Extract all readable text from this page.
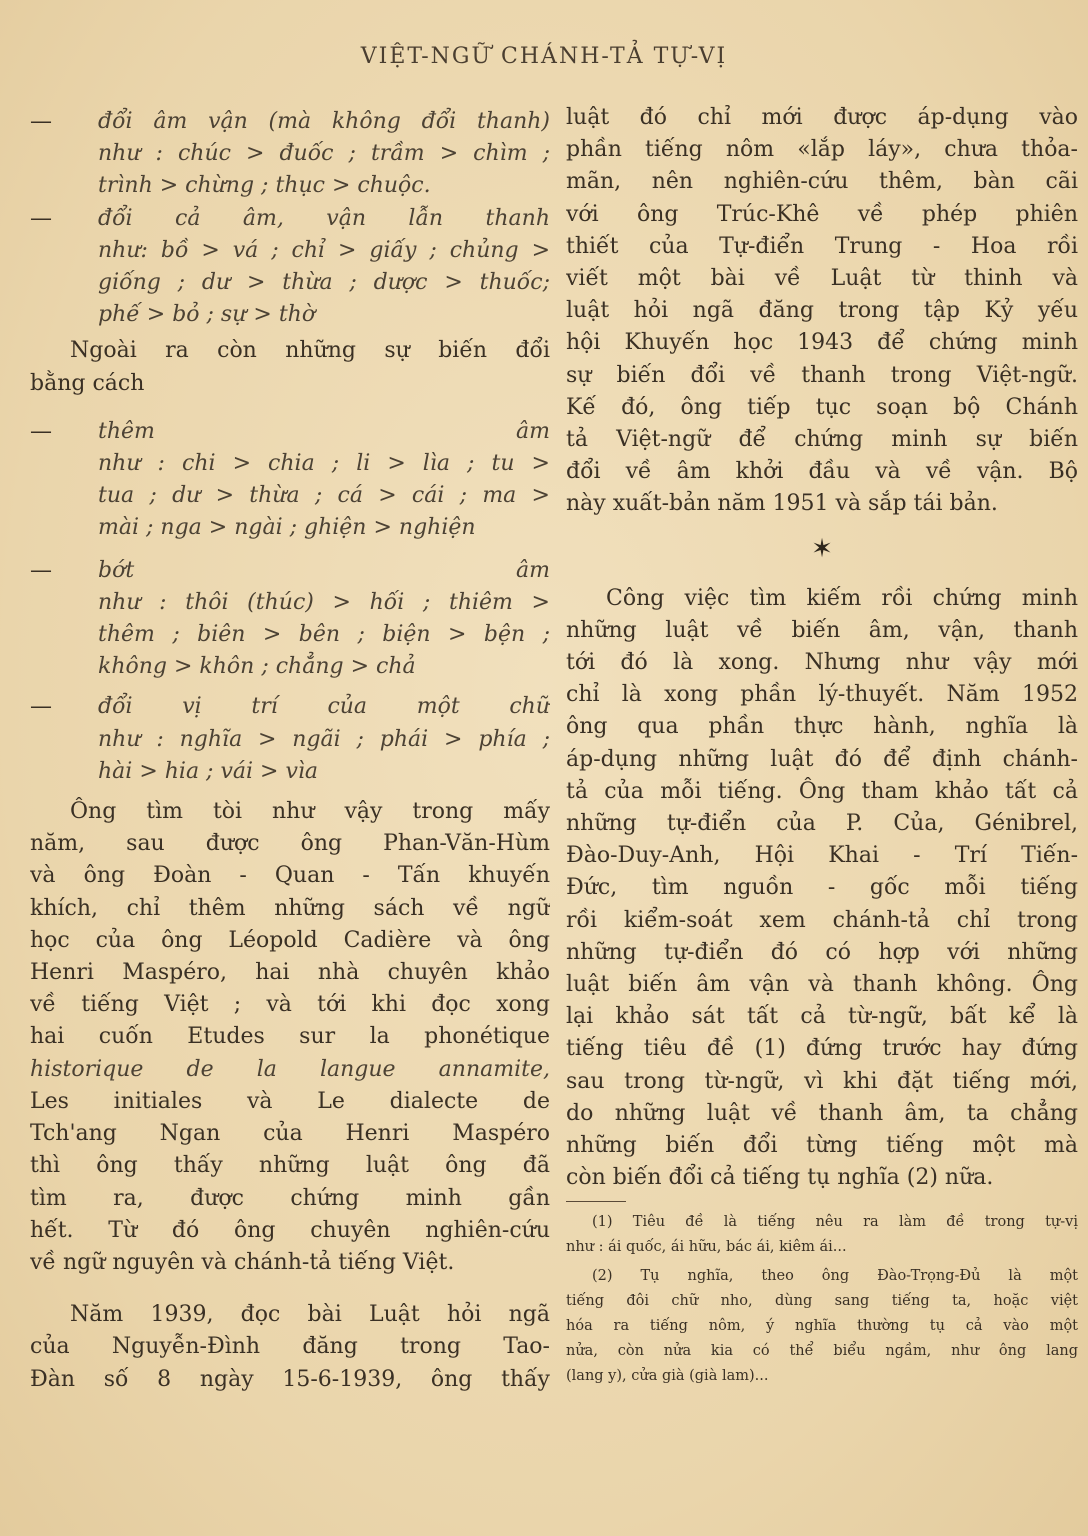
VIỆT-NGỮ CHÁNH-TẢ TỰ-VỊ
—	đổi âm vận (mà không đổi thanh)
như : chúc > đuốc ; trầm > chìm ;
trình > chừng ; thục > chuộc.
—	đổi cả âm, vận lẫn thanh
như: bồ > vá ; chỉ > giấy ; chủng >
giống ; dư > thừa ; dược > thuốc;
phế > bỏ ; sự > thờ
Ngoài ra còn những sự biến đổi
bằng cách
—	thêm âm
như : chi > chia ; li > lìa ; tu >
tua ; dư > thừa ; cá > cái ; ma >
mài ; nga > ngài ; ghiện > nghiện
—	bớt âm
như : thôi (thúc) > hối ; thiêm >
thêm ; biên > bên ; biện > bện ;
không > khôn ; chẳng > chả
—	đổi vị trí của một chữ
như : nghĩa > ngãi ; phái > phía ;
hài > hia ; vái > vìa
Ông tìm tòi như vậy trong mấy
năm, sau được ông Phan-Văn-Hùm
và ông Đoàn - Quan - Tấn khuyến
khích, chỉ thêm những sách về ngữ
học của ông Léopold Cadière và ông
Henri Maspéro, hai nhà chuyên khảo
về tiếng Việt ; và tới khi đọc xong
hai cuốn Etudes sur la phonétique
historique de la langue annamite,
Les initiales và Le dialecte de
Tch'ang Ngan của Henri Maspéro
thì ông thấy những luật ông đã
tìm ra, được chứng minh gần
hết. Từ đó ông chuyên nghiên-cứu
về ngữ nguyên và chánh-tả tiếng Việt.
Năm 1939, đọc bài Luật hỏi ngã
của Nguyễn-Đình đăng trong Tao-
Đàn số 8 ngày 15-6-1939, ông thấy
luật đó chỉ mới được áp-dụng vào
phần tiếng nôm «lắp láy», chưa thỏa-
mãn, nên nghiên-cứu thêm, bàn cãi
với ông Trúc-Khê về phép phiên
thiết của Tự-điển Trung - Hoa rồi
viết một bài về Luật từ thinh và
luật hỏi ngã đăng trong tập Kỷ yếu
hội Khuyến học 1943 để chứng minh
sự biến đổi về thanh trong Việt-ngữ.
Kế đó, ông tiếp tục soạn bộ Chánh
tả Việt-ngữ để chứng minh sự biến
đổi về âm khởi đầu và về vận. Bộ
này xuất-bản năm 1951 và sắp tái bản.
✶
Công việc tìm kiếm rồi chứng minh
những luật về biến âm, vận, thanh
tới đó là xong. Nhưng như vậy mới
chỉ là xong phần lý-thuyết. Năm 1952
ông qua phần thực hành, nghĩa là
áp-dụng những luật đó để định chánh-
tả của mỗi tiếng. Ông tham khảo tất cả
những tự-điển của P. Của, Génibrel,
Đào-Duy-Anh, Hội Khai - Trí Tiến-
Đức, tìm nguồn - gốc mỗi tiếng
rồi kiểm-soát xem chánh-tả chỉ trong
những tự-điển đó có hợp với những
luật biến âm vận và thanh không. Ông
lại khảo sát tất cả từ-ngữ, bất kể là
tiếng tiêu đề (1) đứng trước hay đứng
sau trong từ-ngữ, vì khi đặt tiếng mới,
do những luật về thanh âm, ta chẳng
những biến đổi từng tiếng một mà
còn biến đổi cả tiếng tụ nghĩa (2) nữa.
(1) Tiêu đề là tiếng nêu ra làm đề trong tự-vị
như : ái quốc, ái hữu, bác ái, kiêm ái...
(2) Tụ nghĩa, theo ông Đào-Trọng-Đủ là một
tiếng đôi chữ nho, dùng sang tiếng ta, hoặc việt
hóa ra tiếng nôm, ý nghĩa thường tụ cả vào một
nửa, còn nửa kia có thể biểu ngầm, như ông lang
(lang y), cửa già (già lam)...
